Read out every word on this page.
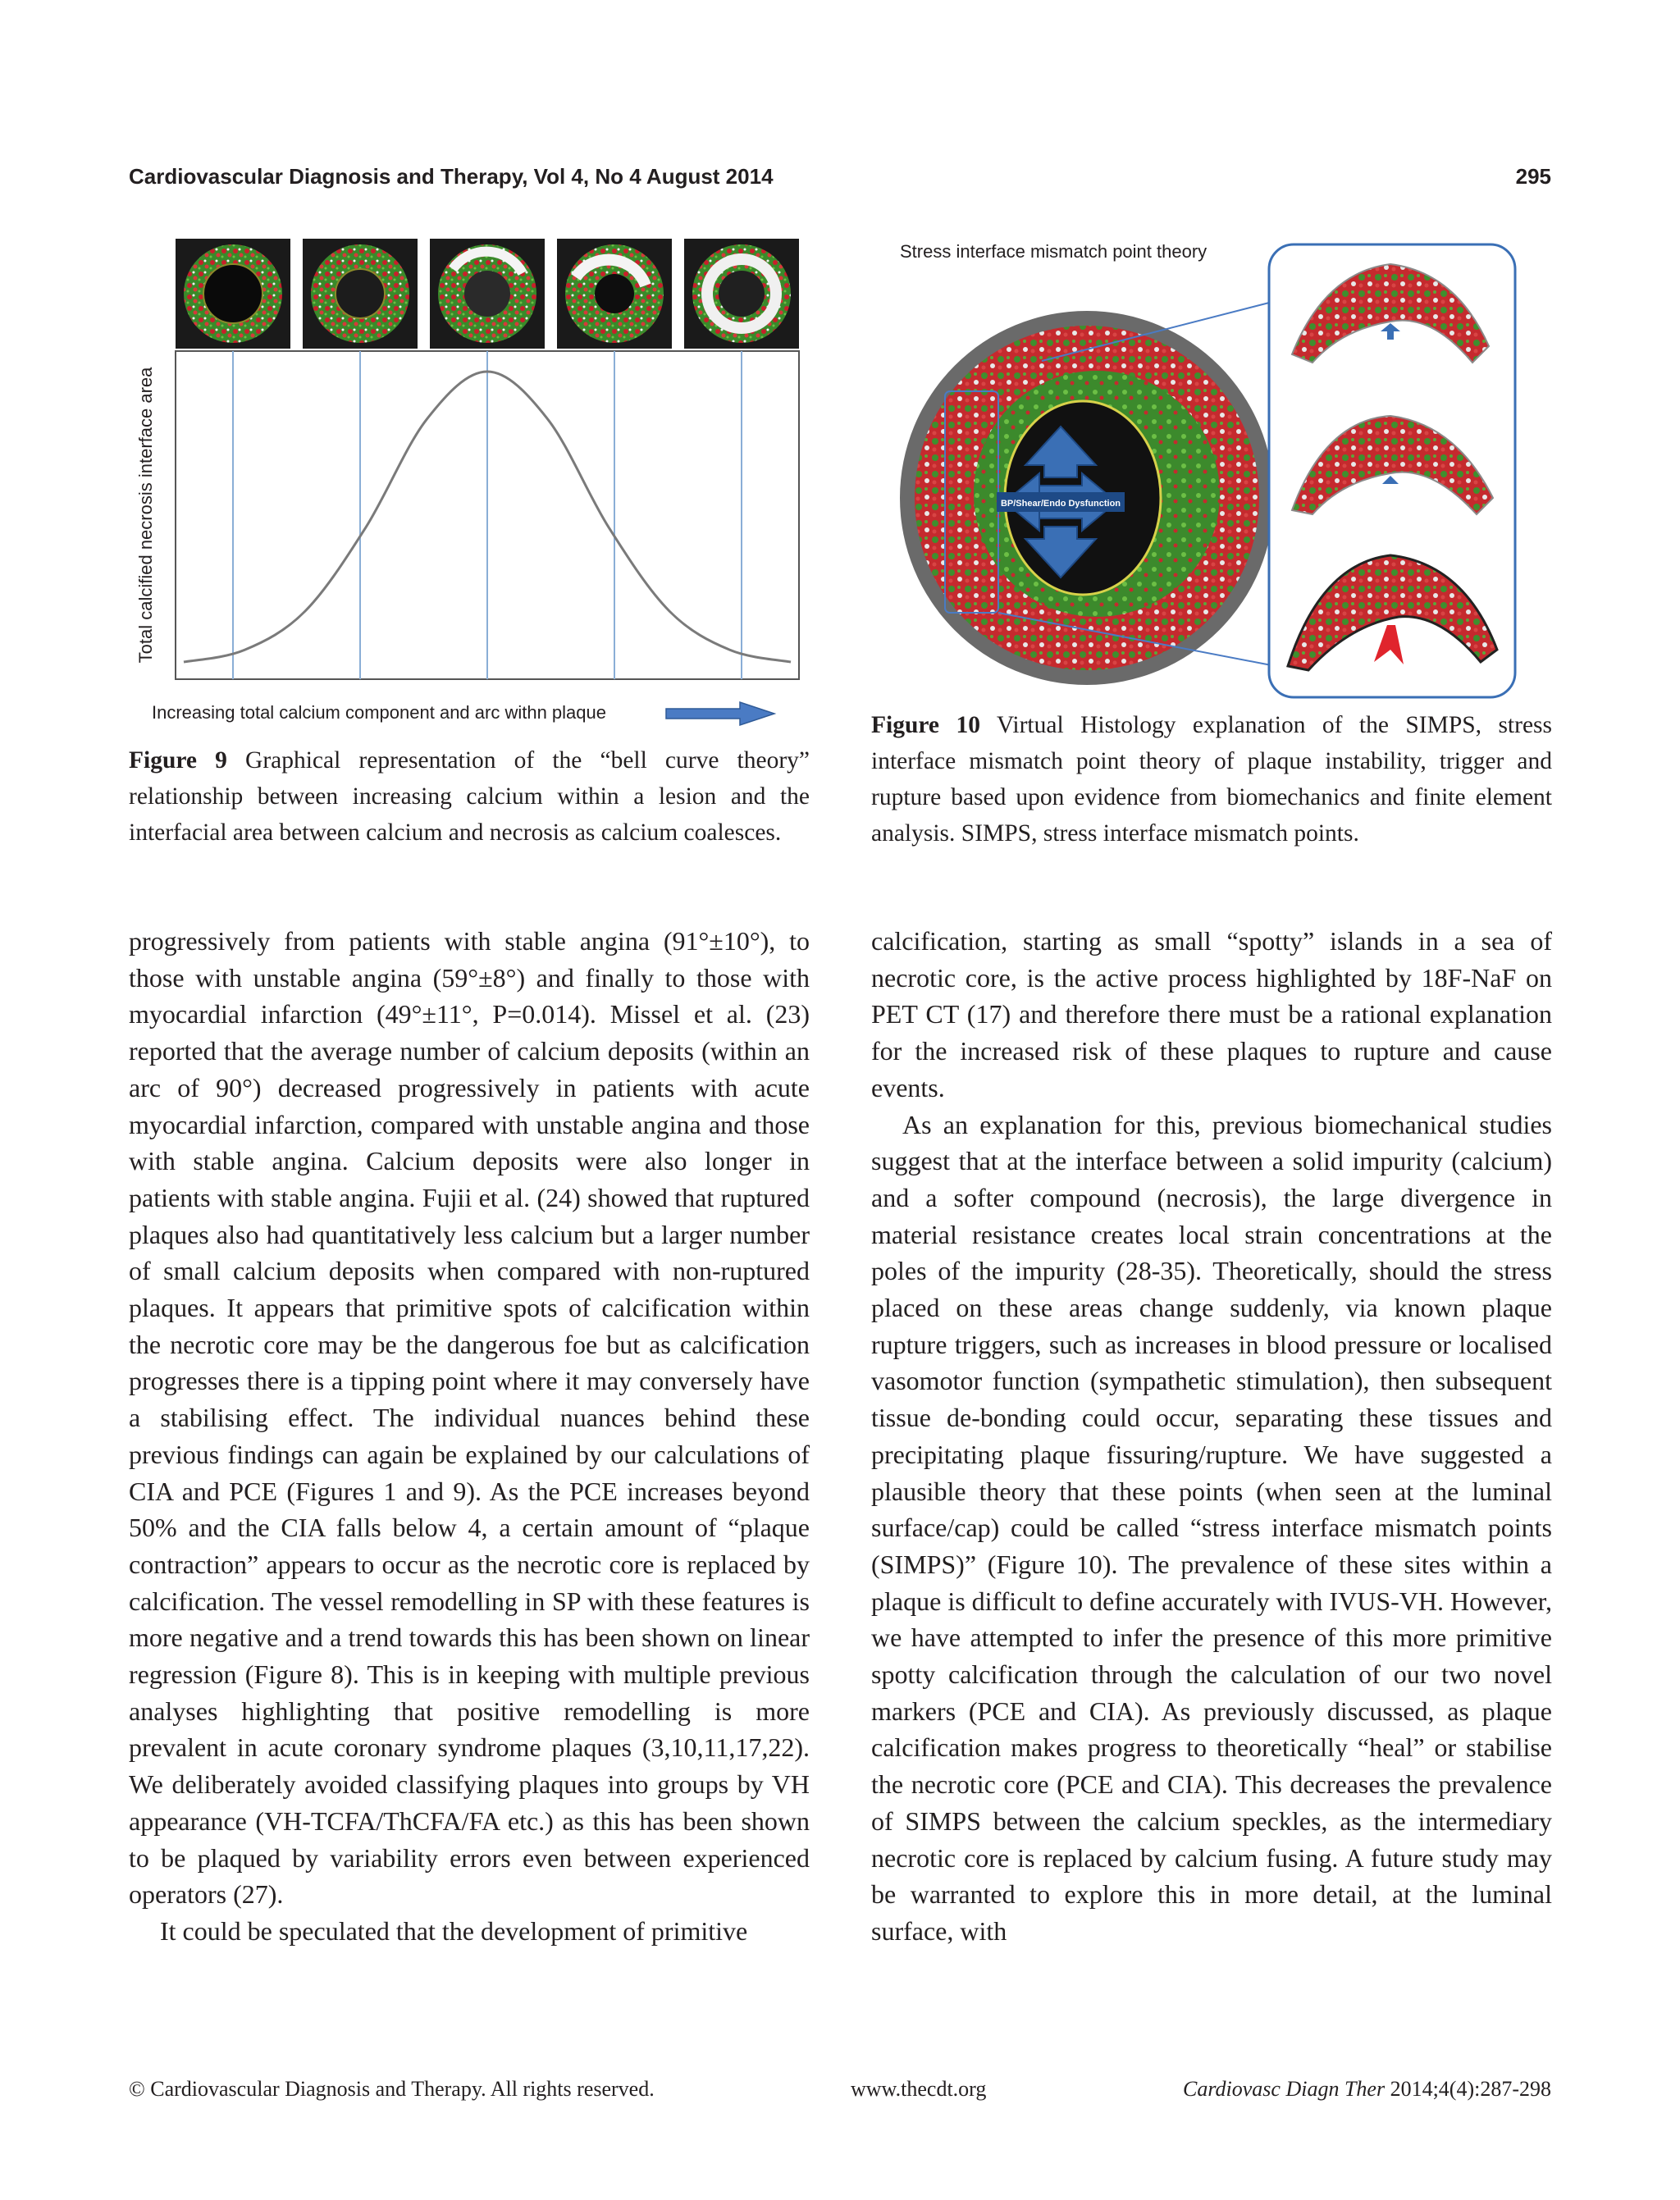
Cardiovascular Diagnosis and Therapy, Vol 4, No 4 August 2014	295
Total calcified necrosis interface area
Increasing total calcium component and arc withn plaque
Figure 9 Graphical representation of the “bell curve theory” relationship between increasing calcium within a lesion and the interfacial area between calcium and necrosis as calcium coalesces.
Stress interface mismatch point theory
BP/Shear/Endo Dysfunction
Figure 10 Virtual Histology explanation of the SIMPS, stress interface mismatch point theory of plaque instability, trigger and rupture based upon evidence from biomechanics and finite element analysis. SIMPS, stress interface mismatch points.

progressively from patients with stable angina (91°±10°), to those with unstable angina (59°±8°) and finally to those with myocardial infarction (49°±11°, P=0.014). Missel et al. (23) reported that the average number of calcium deposits (within an arc of 90°) decreased progressively in patients with acute myocardial infarction, compared with unstable angina and those with stable angina. Calcium deposits were also longer in patients with stable angina. Fujii et al. (24) showed that ruptured plaques also had quantitatively less calcium but a larger number of small calcium deposits when compared with non-ruptured plaques. It appears that primitive spots of calcification within the necrotic core may be the dangerous foe but as calcification progresses there is a tipping point where it may conversely have a stabilising effect. The individual nuances behind these previous findings can again be explained by our calculations of CIA and PCE (Figures 1 and 9). As the PCE increases beyond 50% and the CIA falls below 4, a certain amount of “plaque contraction” appears to occur as the necrotic core is replaced by calcification. The vessel remodelling in SP with these features is more negative and a trend towards this has been shown on linear regression (Figure 8). This is in keeping with multiple previous analyses highlighting that positive remodelling is more prevalent in acute coronary syndrome plaques (3,10,11,17,22). We deliberately avoided classifying plaques into groups by VH appearance (VH-TCFA/ThCFA/FA etc.) as this has been shown to be plaqued by variability errors even between experienced operators (27).

It could be speculated that the development of primitive

calcification, starting as small “spotty” islands in a sea of necrotic core, is the active process highlighted by 18F-NaF on PET CT (17) and therefore there must be a rational explanation for the increased risk of these plaques to rupture and cause events.

As an explanation for this, previous biomechanical studies suggest that at the interface between a solid impurity (calcium) and a softer compound (necrosis), the large divergence in material resistance creates local strain concentrations at the poles of the impurity (28-35). Theoretically, should the stress placed on these areas change suddenly, via known plaque rupture triggers, such as increases in blood pressure or localised vasomotor function (sympathetic stimulation), then subsequent tissue de-bonding could occur, separating these tissues and precipitating plaque fissuring/rupture. We have suggested a plausible theory that these points (when seen at the luminal surface/cap) could be called “stress interface mismatch points (SIMPS)” (Figure 10). The prevalence of these sites within a plaque is difficult to define accurately with IVUS-VH. However, we have attempted to infer the presence of this more primitive spotty calcification through the calculation of our two novel markers (PCE and CIA). As previously discussed, as plaque calcification makes progress to theoretically “heal” or stabilise the necrotic core (PCE and CIA). This decreases the prevalence of SIMPS between the calcium speckles, as the intermediary necrotic core is replaced by calcium fusing. A future study may be warranted to explore this in more detail, at the luminal surface, with

© Cardiovascular Diagnosis and Therapy. All rights reserved.	www.thecdt.org	Cardiovasc Diagn Ther 2014;4(4):287-298
